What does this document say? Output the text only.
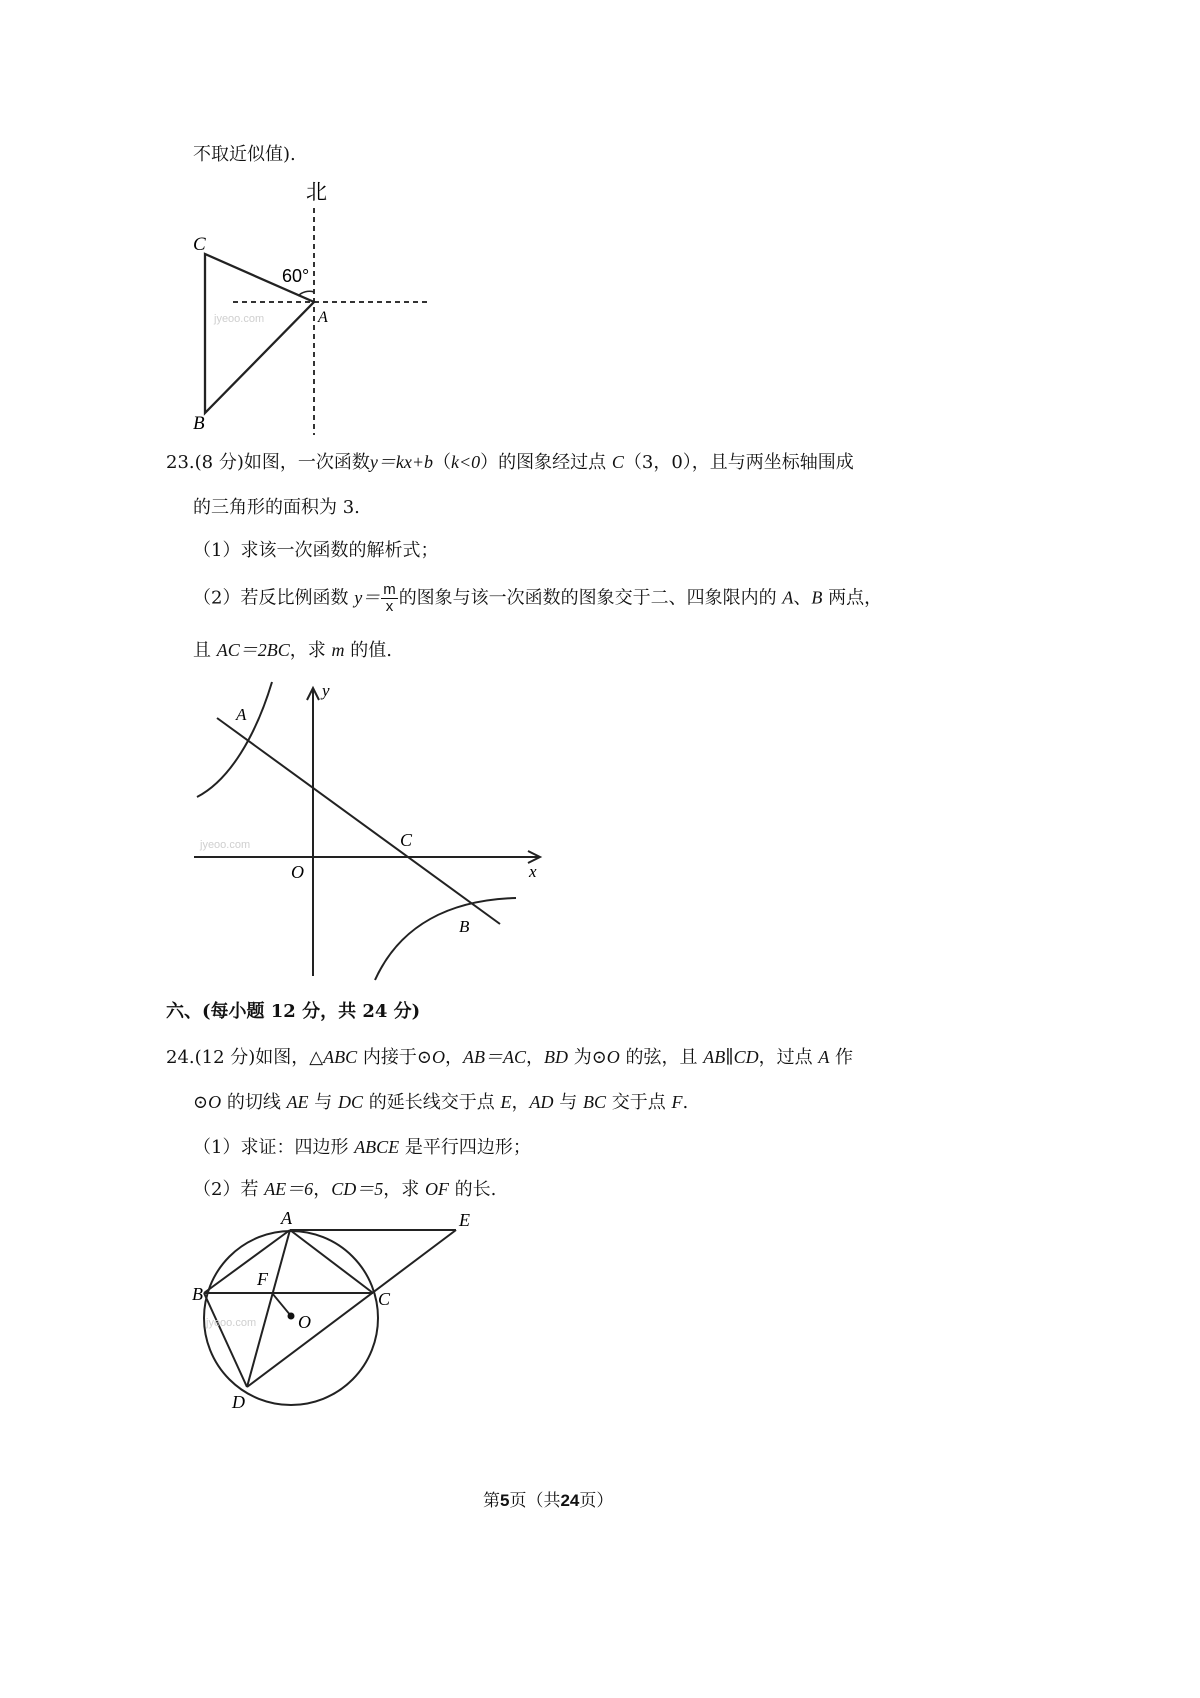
不取近似值).
北
60°
A
C
B
jyeoo.com
23.(8 分)如图，一次函数y＝kx+b（k<0）的图象经过点 C（3，0），且与两坐标轴围成
的三角形的面积为 3.
（1）求该一次函数的解析式；
（2）若反比例函数 $y= \frac{m}{x}$ 的图象与该一次函数的图象交于二、四象限内的 A、B 两点，
且 AC＝2BC，求 m 的值.
y
x
O
A
C
B
jyeoo.com
六、(每小题 12 分，共 24 分)
24.(12 分)如图，△ABC 内接于⊙O，AB＝AC，BD 为⊙O 的弦，且 AB∥CD，过点 A 作
⊙O 的切线 AE 与 DC 的延长线交于点 E，AD 与 BC 交于点 F.
（1）求证：四边形 ABCE 是平行四边形；
（2）若 AE＝6，CD＝5，求 OF 的长.
A
B	C
D
E
F
O
jyeoo.com
第5页（共24页）
